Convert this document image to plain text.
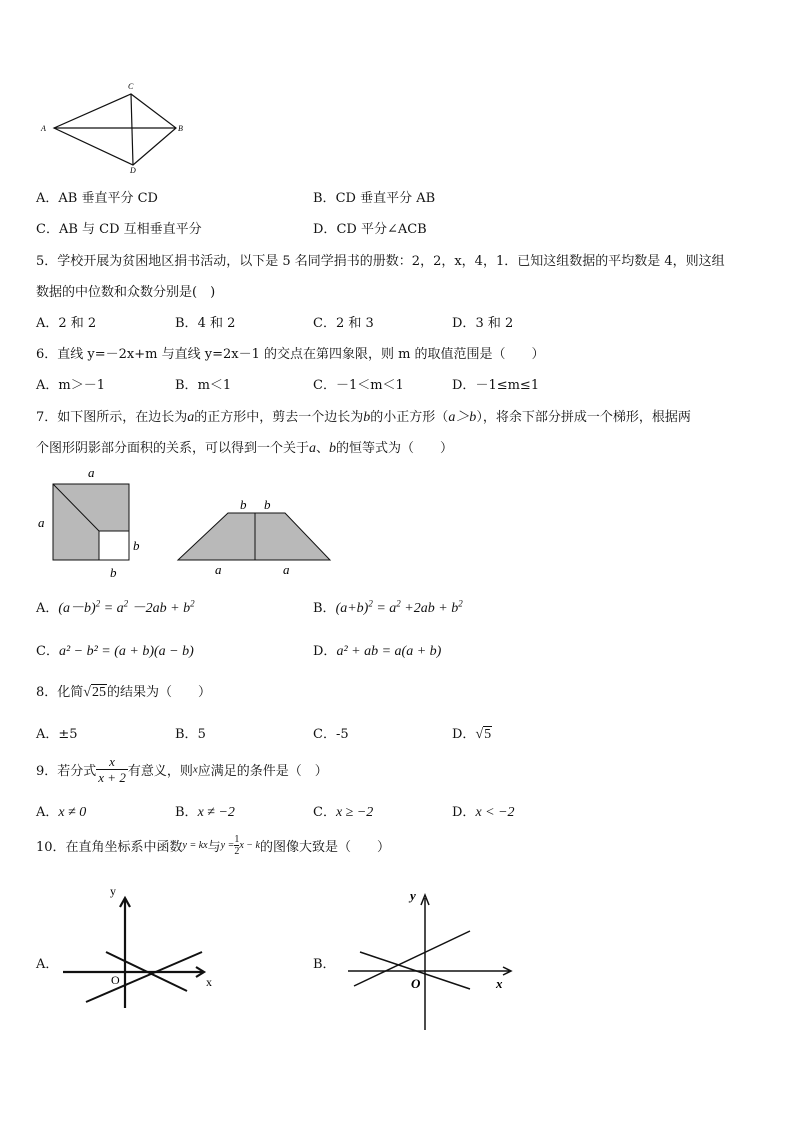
A	B
C
D
A．AB 垂直平分 CD	B．CD 垂直平分 AB
C．AB 与 CD 互相垂直平分	D．CD 平分∠ACB
5．学校开展为贫困地区捐书活动，以下是 5 名同学捐书的册数：2，2，x，4，1．已知这组数据的平均数是 4，则这组
数据的中位数和众数分别是(　)
A．2 和 2	B．4 和 2	C．2 和 3	D．3 和 2
6．直线 y=－2x+m 与直线 y=2x－1 的交点在第四象限，则 m 的取值范围是（　　）
A．m＞－1	B．m＜1	C．－1＜m＜1	D．－1≤m≤1
7．如下图所示，在边长为a的正方形中，剪去一个边长为b的小正方形（a＞b），将余下部分拼成一个梯形，根据两
个图形阴影部分面积的关系，可以得到一个关于a、b的恒等式为（　　）
a
a
b
b
b b
a	a
A．$(a-b)^2 = a^2 -2ab + b^2$	B．$(a+b)^2 = a^2 +2ab + b^2$
C．a² − b² = (a + b)(a − b)	D．a² + ab = a(a + b)
8．化简√25的结果为（　　）
A．±5	B．5	C．-5	D．√5
9．若分式 $\frac{x}{x + 2}$ 有意义，则x应满足的条件是（　）
A．x ≠ 0	B．x ≠ −2	C．x ≥ −2	D．x < −2
10．在直角坐标系中函数y = kx与$y = \frac{1}{2}x - k$的图像大致是（　　）
A．
y
x
O
B．
y
x
O
